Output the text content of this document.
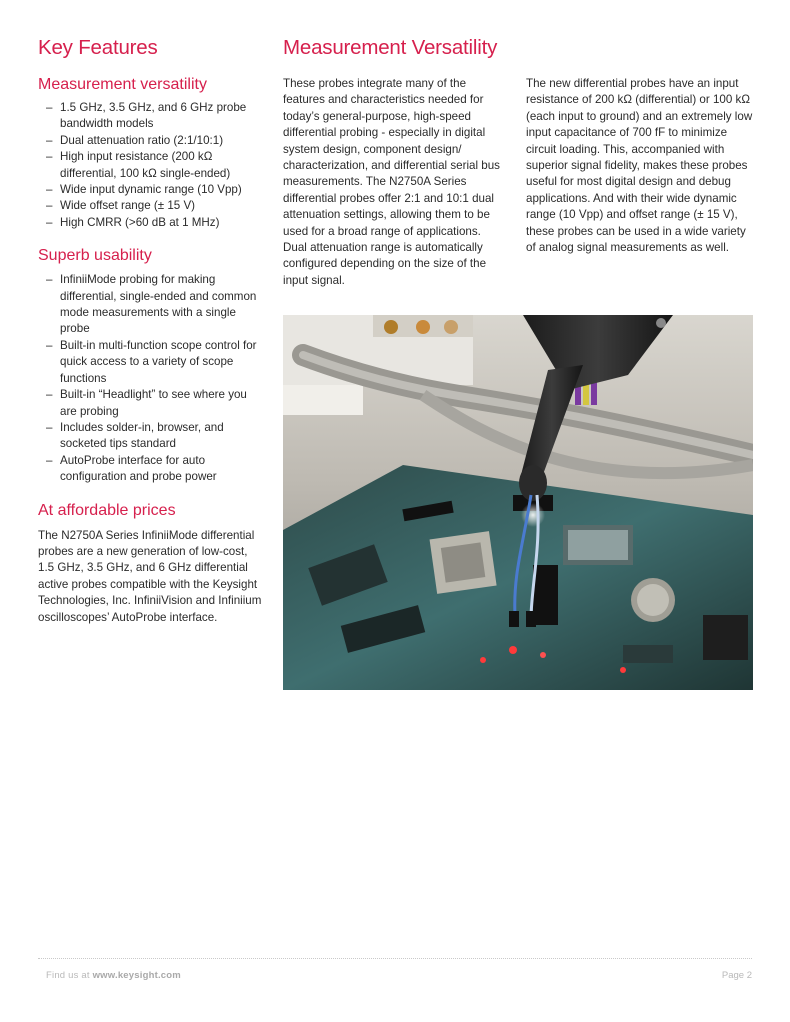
Key Features
Measurement versatility
– 1.5 GHz, 3.5 GHz, and 6 GHz probe bandwidth models
– Dual attenuation ratio (2:1/10:1)
– High input resistance (200 kΩ differential, 100 kΩ single-ended)
– Wide input dynamic range (10 Vpp)
– Wide offset range (± 15 V)
– High CMRR (>60 dB at 1 MHz)
Superb usability
– InfiniiMode probing for making differential, single-ended and common mode measurements with a single probe
– Built-in multi-function scope control for quick access to a variety of scope functions
– Built-in “Headlight” to see where you are probing
– Includes solder-in, browser, and socketed tips standard
– AutoProbe interface for auto configuration and probe power
At affordable prices

The N2750A Series InfiniiMode differential probes are a new generation of low-cost, 1.5 GHz, 3.5 GHz, and 6 GHz differential active probes compatible with the Keysight Technologies, Inc. InfiniiVision and Infiniium oscilloscopes’ AutoProbe interface.

Measurement Versatility

These probes integrate many of the features and characteristics needed for today’s general-purpose, high-speed differential probing - especially in digital system design, component design/ characterization, and differential serial bus measurements. The N2750A Series differential probes offer 2:1 and 10:1 dual attenuation settings, allowing them to be used for a broad range of applications. Dual attenuation range is automatically configured depending on the size of the input signal.

The new differential probes have an input resistance of 200 kΩ (differential) or 100 kΩ (each input to ground) and an extremely low input capacitance of 700 fF to minimize circuit loading. This, accompanied with superior signal fidelity, makes these probes useful for most digital design and debug applications. And with their wide dynamic range (10 Vpp) and offset range (± 15 V), these probes can be used in a wide variety of analog signal measurements as well.

Find us at www.keysight.com	Page 2
